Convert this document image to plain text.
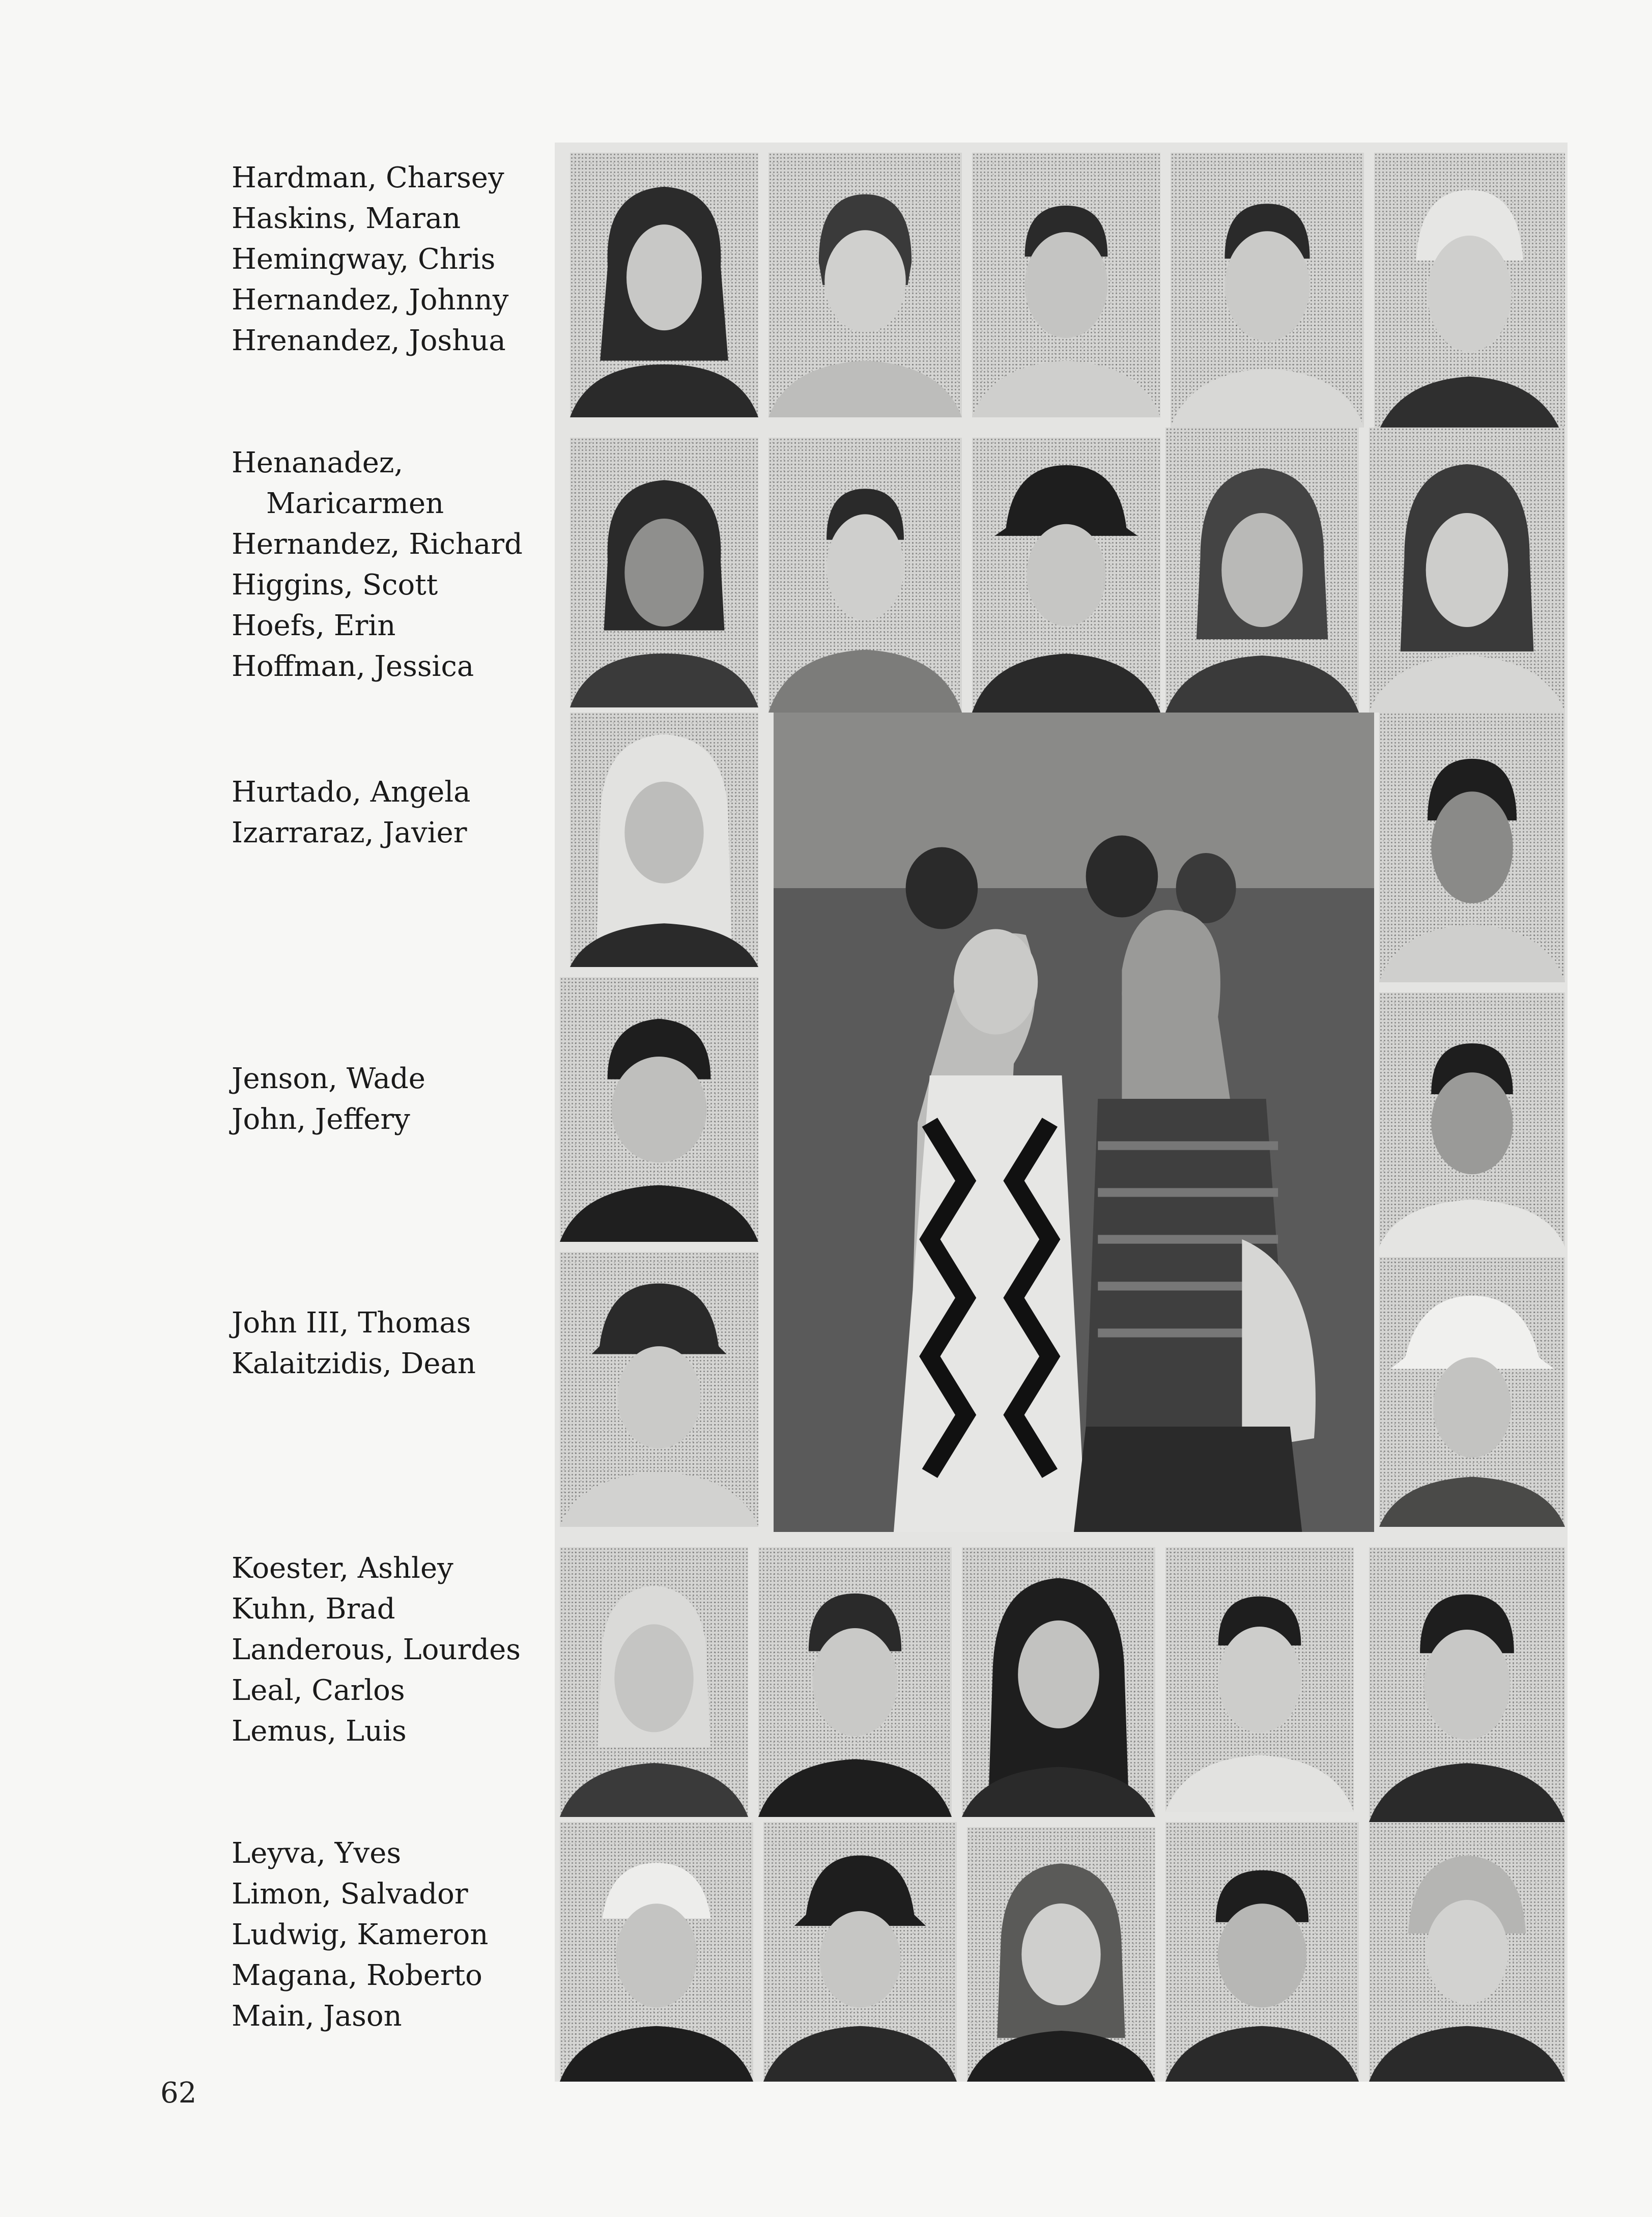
Hardman, Charsey
Haskins, Maran
Hemingway, Chris
Hernandez, Johnny
Hrenandez, Joshua
Henanadez,
Maricarmen
Hernandez, Richard
Higgins, Scott
Hoefs, Erin
Hoffman, Jessica
Hurtado, Angela
Izarraraz, Javier
Jenson, Wade
John, Jeffery
John III, Thomas
Kalaitzidis, Dean
Koester, Ashley
Kuhn, Brad
Landerous, Lourdes
Leal, Carlos
Lemus, Luis
Leyva, Yves
Limon, Salvador
Ludwig, Kameron
Magana, Roberto
Main, Jason
62
